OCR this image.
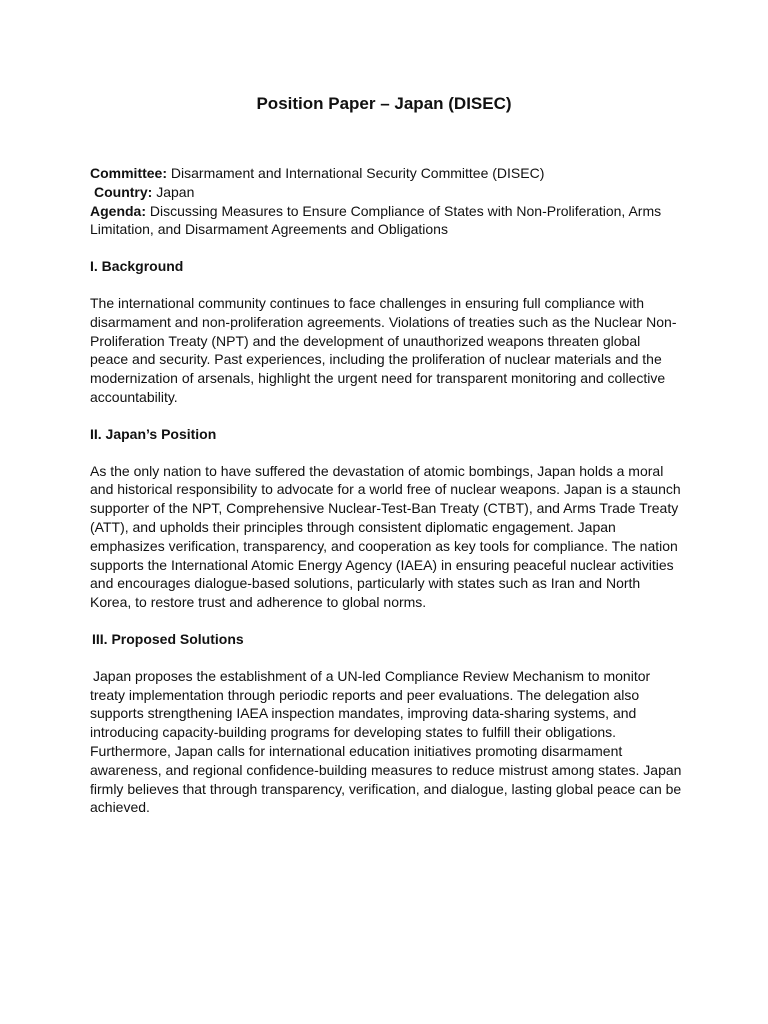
Position Paper – Japan (DISEC)

Committee: Disarmament and International Security Committee (DISEC)

Country: Japan

Agenda: Discussing Measures to Ensure Compliance of States with Non-Proliferation, Arms Limitation, and Disarmament Agreements and Obligations

I. Background

The international community continues to face challenges in ensuring full compliance with disarmament and non-proliferation agreements. Violations of treaties such as the Nuclear Non-Proliferation Treaty (NPT) and the development of unauthorized weapons threaten global peace and security. Past experiences, including the proliferation of nuclear materials and the modernization of arsenals, highlight the urgent need for transparent monitoring and collective accountability.

II. Japan’s Position

As the only nation to have suffered the devastation of atomic bombings, Japan holds a moral and historical responsibility to advocate for a world free of nuclear weapons. Japan is a staunch supporter of the NPT, Comprehensive Nuclear-Test-Ban Treaty (CTBT), and Arms Trade Treaty (ATT), and upholds their principles through consistent diplomatic engagement. Japan emphasizes verification, transparency, and cooperation as key tools for compliance. The nation supports the International Atomic Energy Agency (IAEA) in ensuring peaceful nuclear activities and encourages dialogue-based solutions, particularly with states such as Iran and North Korea, to restore trust and adherence to global norms.

III. Proposed Solutions

Japan proposes the establishment of a UN-led Compliance Review Mechanism to monitor treaty implementation through periodic reports and peer evaluations. The delegation also supports strengthening IAEA inspection mandates, improving data-sharing systems, and introducing capacity-building programs for developing states to fulfill their obligations. Furthermore, Japan calls for international education initiatives promoting disarmament awareness, and regional confidence-building measures to reduce mistrust among states. Japan firmly believes that through transparency, verification, and dialogue, lasting global peace can be achieved.
